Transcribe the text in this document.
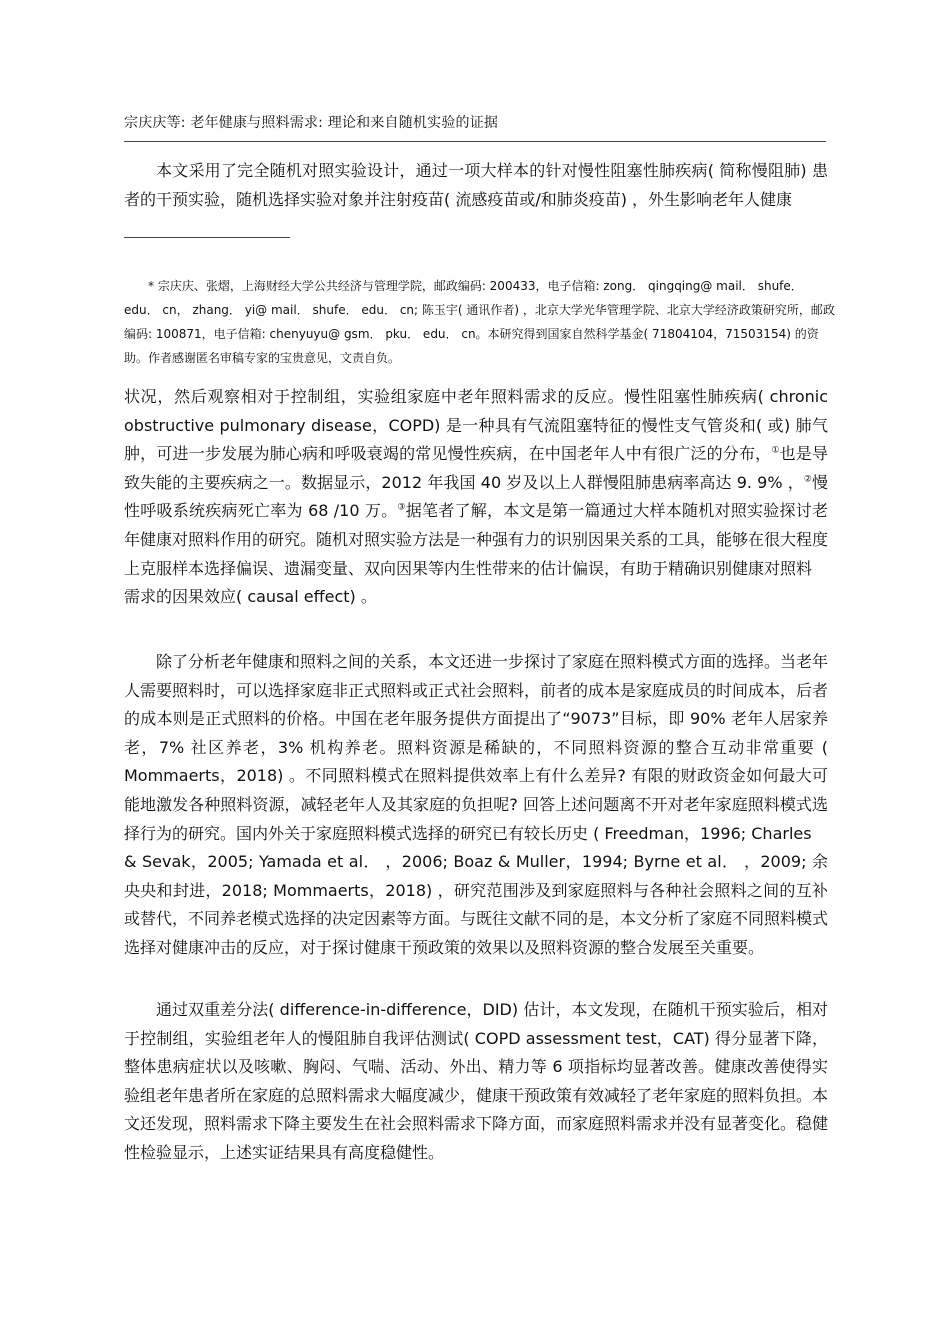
宗庆庆等: 老年健康与照料需求: 理论和来自随机实验的证据

本文采用了完全随机对照实验设计，通过一项大样本的针对慢性阻塞性肺疾病( 简称慢阻肺) 患者的干预实验，随机选择实验对象并注射疫苗( 流感疫苗或/和肺炎疫苗) ，外生影响老年人健康

* 宗庆庆、张熠，上海财经大学公共经济与管理学院，邮政编码: 200433，电子信箱: zong． qingqing@ mail． shufe． edu． cn， zhang． yi@ mail． shufe． edu． cn; 陈玉宇( 通讯作者) ，北京大学光华管理学院、北京大学经济政策研究所，邮政编码: 100871，电子信箱: chenyuyu@ gsm． pku． edu． cn。本研究得到国家自然科学基金( 71804104，71503154) 的资助。作者感谢匿名审稿专家的宝贵意见，文责自负。

状况，然后观察相对于控制组，实验组家庭中老年照料需求的反应。慢性阻塞性肺疾病( chronic obstructive pulmonary disease，COPD) 是一种具有气流阻塞特征的慢性支气管炎和( 或) 肺气肿，可进一步发展为肺心病和呼吸衰竭的常见慢性疾病，在中国老年人中有很广泛的分布，①也是导致失能的主要疾病之一。数据显示，2012 年我国 40 岁及以上人群慢阻肺患病率高达 9. 9% ，②慢性呼吸系统疾病死亡率为 68 /10 万。③据笔者了解，本文是第一篇通过大样本随机对照实验探讨老年健康对照料作用的研究。随机对照实验方法是一种强有力的识别因果关系的工具，能够在很大程度上克服样本选择偏误、遗漏变量、双向因果等内生性带来的估计偏误，有助于精确识别健康对照料
需求的因果效应( causal effect) 。

除了分析老年健康和照料之间的关系，本文还进一步探讨了家庭在照料模式方面的选择。当老年人需要照料时，可以选择家庭非正式照料或正式社会照料，前者的成本是家庭成员的时间成本，后者的成本则是正式照料的价格。中国在老年服务提供方面提出了“9073”目标，即 90% 老年人居家养老，7% 社区养老，3% 机构养老。照料资源是稀缺的，不同照料资源的整合互动非常重要 ( Mommaerts，2018) 。不同照料模式在照料提供效率上有什么差异? 有限的财政资金如何最大可能地激发各种照料资源，减轻老年人及其家庭的负担呢? 回答上述问题离不开对老年家庭照料模式选择行为的研究。国内外关于家庭照料模式选择的研究已有较长历史 ( Freedman，1996; Charles
& Sevak，2005; Yamada et al． ，2006; Boaz & Muller，1994; Byrne et al． ，2009; 余央央和封进，2018; Mommaerts，2018) ，研究范围涉及到家庭照料与各种社会照料之间的互补或替代，不同养老模式选择的决定因素等方面。与既往文献不同的是，本文分析了家庭不同照料模式选择对健康冲击的反应，对于探讨健康干预政策的效果以及照料资源的整合发展至关重要。

通过双重差分法( difference-in-difference，DID) 估计，本文发现，在随机干预实验后，相对于控制组，实验组老年人的慢阻肺自我评估测试( COPD assessment test，CAT) 得分显著下降，整体患病症状以及咳嗽、胸闷、气喘、活动、外出、精力等 6 项指标均显著改善。健康改善使得实验组老年患者所在家庭的总照料需求大幅度减少，健康干预政策有效减轻了老年家庭的照料负担。本文还发现，照料需求下降主要发生在社会照料需求下降方面，而家庭照料需求并没有显著变化。稳健性检验显示，上述实证结果具有高度稳健性。
